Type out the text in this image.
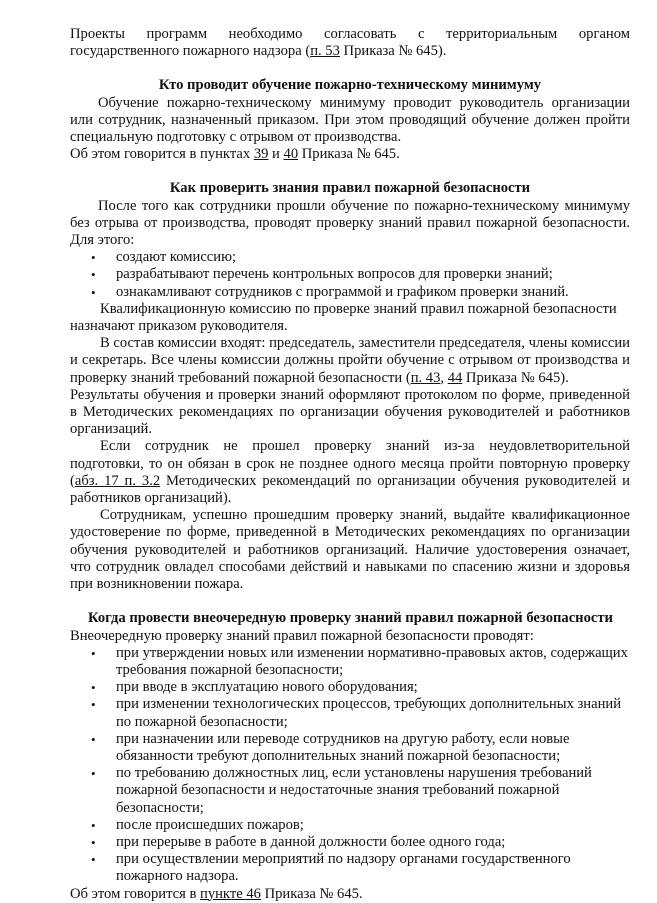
Проекты программ необходимо согласовать с территориальным органом государственного пожарного надзора (п. 53 Приказа № 645).

Кто проводит обучение пожарно-техническому минимуму

Обучение пожарно-техническому минимуму проводит руководитель организации или сотрудник, назначенный приказом. При этом проводящий обучение должен пройти специальную подготовку с отрывом от производства.

Об этом говорится в пунктах 39 и 40 Приказа № 645.

Как проверить знания правил пожарной безопасности

После того как сотрудники прошли обучение по пожарно-техническому минимуму без отрыва от производства, проводят проверку знаний правил пожарной безопасности. Для этого:

• создают комиссию;
• разрабатывают перечень контрольных вопросов для проверки знаний;
• ознакамливают сотрудников с программой и графиком проверки знаний.

Квалификационную комиссию по проверке знаний правил пожарной безопасности назначают приказом руководителя.

В состав комиссии входят: председатель, заместители председателя, члены комиссии и секретарь. Все члены комиссии должны пройти обучение с отрывом от производства и проверку знаний требований пожарной безопасности (п. 43, 44 Приказа № 645).

Результаты обучения и проверки знаний оформляют протоколом по форме, приведенной в Методических рекомендациях по организации обучения руководителей и работников организаций.

Если сотрудник не прошел проверку знаний из-за неудовлетворительной подготовки, то он обязан в срок не позднее одного месяца пройти повторную проверку (абз. 17 п. 3.2 Методических рекомендаций по организации обучения руководителей и работников организаций).

Сотрудникам, успешно прошедшим проверку знаний, выдайте квалификационное удостоверение по форме, приведенной в Методических рекомендациях по организации обучения руководителей и работников организаций. Наличие удостоверения означает, что сотрудник овладел способами действий и навыками по спасению жизни и здоровья при возникновении пожара.

Когда провести внеочередную проверку знаний правил пожарной безопасности

Внеочередную проверку знаний правил пожарной безопасности проводят:

• при утверждении новых или изменении нормативно-правовых актов, содержащих требования пожарной безопасности;
• при вводе в эксплуатацию нового оборудования;
• при изменении технологических процессов, требующих дополнительных знаний по пожарной безопасности;
• при назначении или переводе сотрудников на другую работу, если новые обязанности требуют дополнительных знаний пожарной безопасности;
• по требованию должностных лиц, если установлены нарушения требований пожарной безопасности и недостаточные знания требований пожарной безопасности;
• после происшедших пожаров;
• при перерыве в работе в данной должности более одного года;
• при осуществлении мероприятий по надзору органами государственного пожарного надзора.

Об этом говорится в пункте 46 Приказа № 645.
